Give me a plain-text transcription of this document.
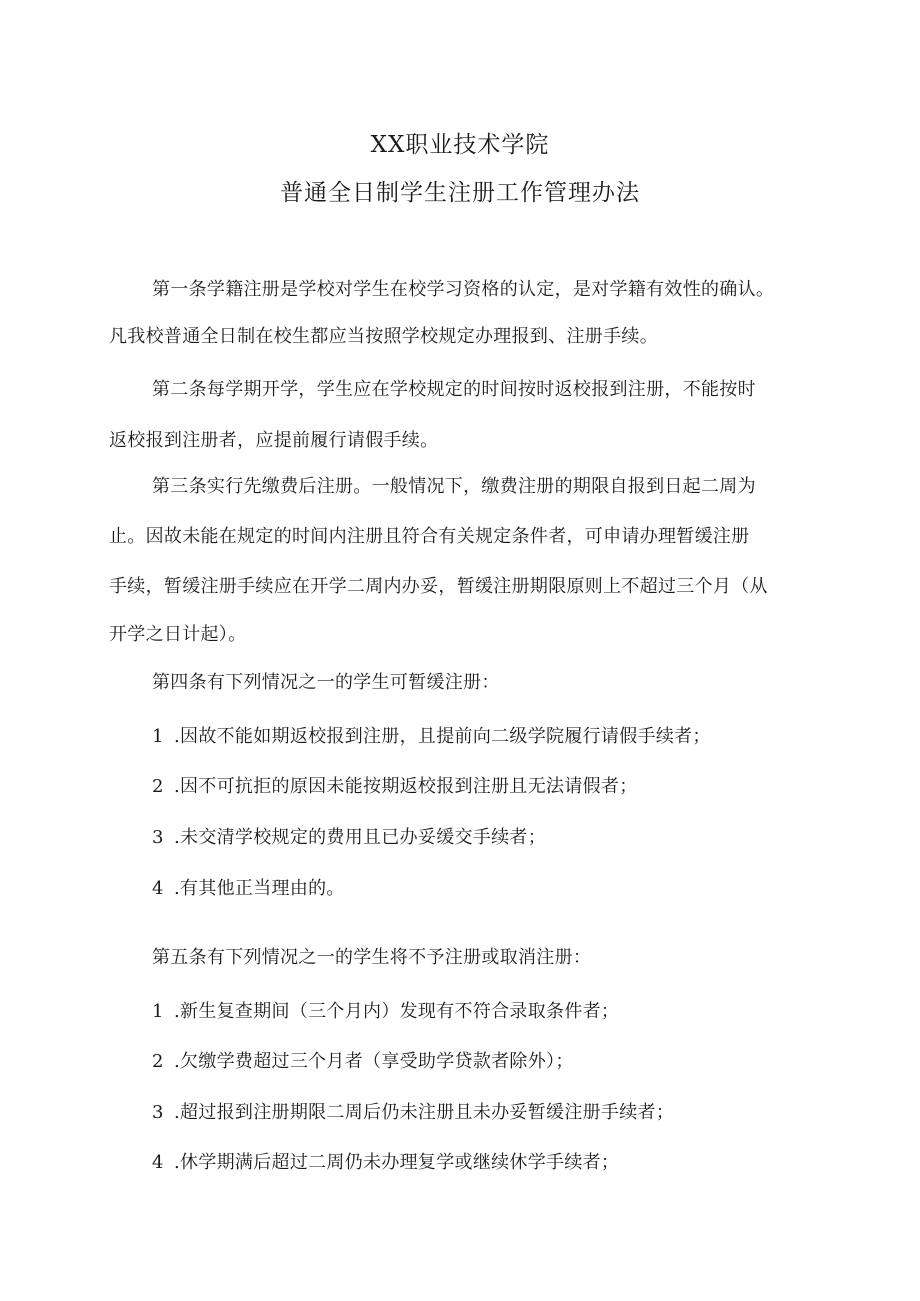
XX职业技术学院
普通全日制学生注册工作管理办法
第一条学籍注册是学校对学生在校学习资格的认定，是对学籍有效性的确认。
凡我校普通全日制在校生都应当按照学校规定办理报到、注册手续。
第二条每学期开学，学生应在学校规定的时间按时返校报到注册，不能按时
返校报到注册者，应提前履行请假手续。
第三条实行先缴费后注册。一般情况下，缴费注册的期限自报到日起二周为
止。因故未能在规定的时间内注册且符合有关规定条件者，可申请办理暂缓注册
手续，暂缓注册手续应在开学二周内办妥，暂缓注册期限原则上不超过三个月（从
开学之日计起）。
第四条有下列情况之一的学生可暂缓注册：
1 .因故不能如期返校报到注册，且提前向二级学院履行请假手续者；
2 .因不可抗拒的原因未能按期返校报到注册且无法请假者；
3 .未交清学校规定的费用且已办妥缓交手续者；
4 .有其他正当理由的。
第五条有下列情况之一的学生将不予注册或取消注册：
1 .新生复查期间（三个月内）发现有不符合录取条件者；
2 .欠缴学费超过三个月者（享受助学贷款者除外）；
3 .超过报到注册期限二周后仍未注册且未办妥暂缓注册手续者；
4 .休学期满后超过二周仍未办理复学或继续休学手续者；
